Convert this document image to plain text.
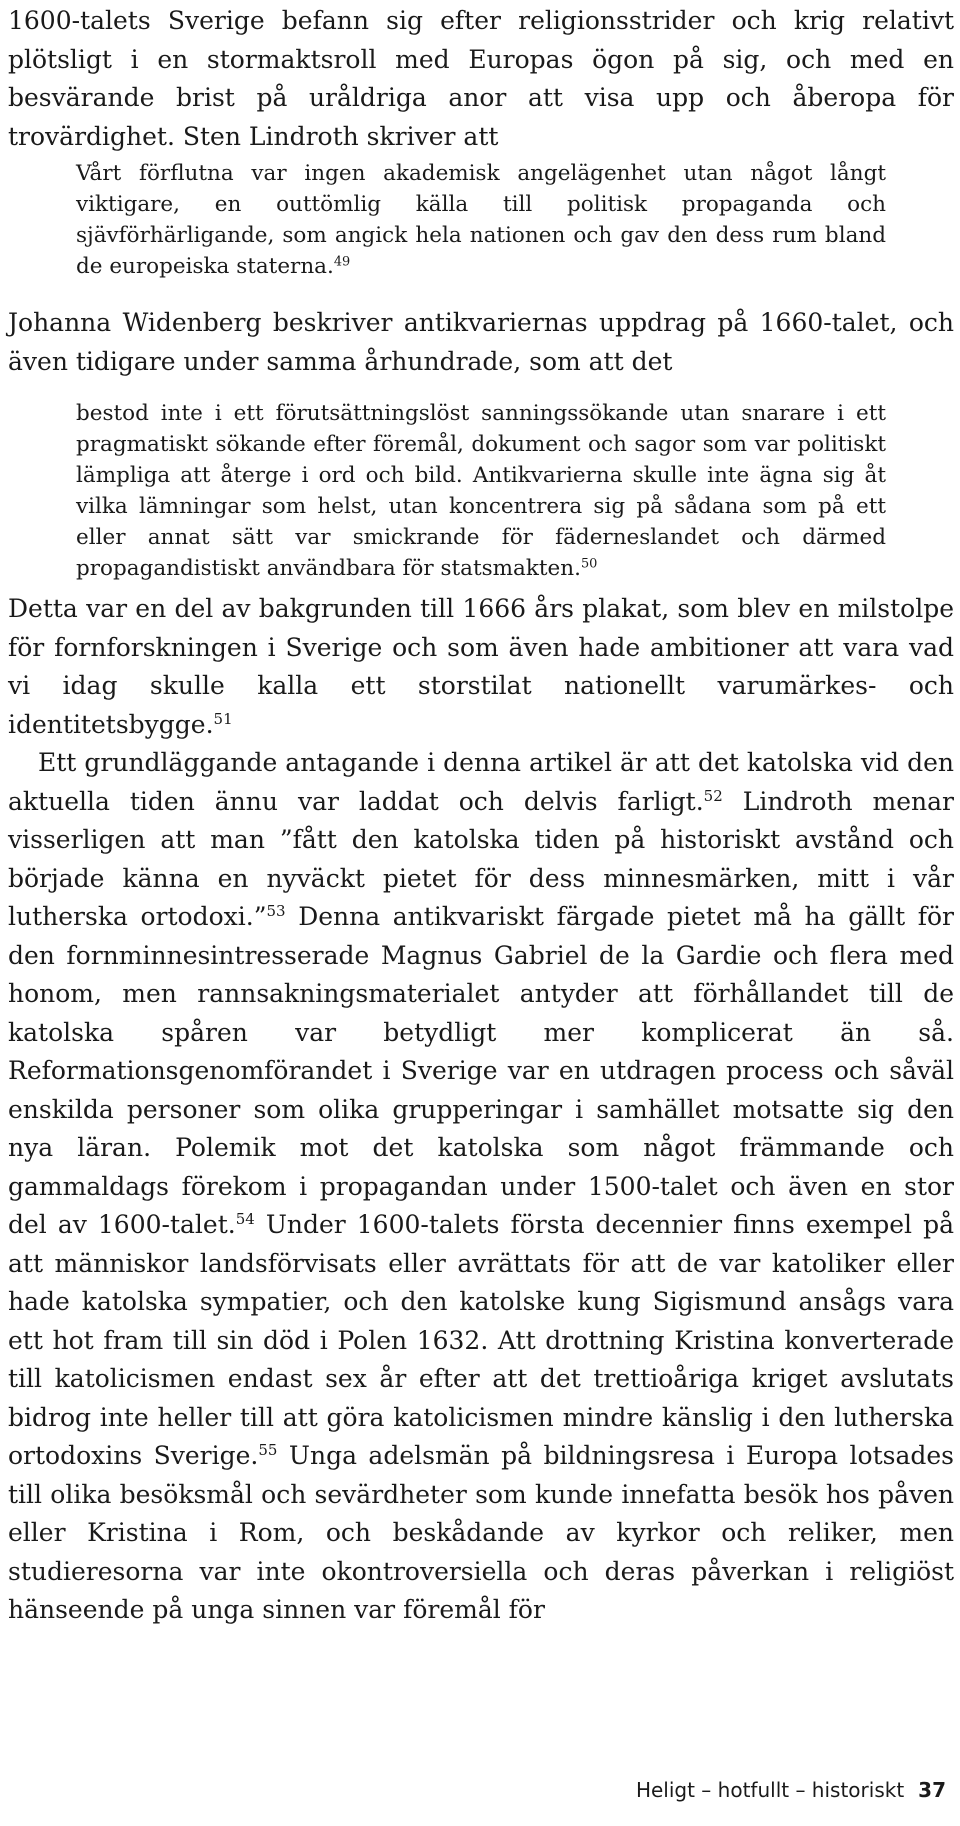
1600-talets Sverige befann sig efter religionsstrider och krig relativt plötsligt i en stormaktsroll med Europas ögon på sig, och med en besvärande brist på uråldriga anor att visa upp och åberopa för trovärdighet. Sten Lindroth skriver att

Vårt förflutna var ingen akademisk angelägenhet utan något långt viktigare, en outtömlig källa till politisk propaganda och sjävförhärligande, som angick hela nationen och gav den dess rum bland de europeiska staterna.$^{49}$

Johanna Widenberg beskriver antikvariernas uppdrag på 1660-talet, och även tidigare under samma århundrade, som att det

bestod inte i ett förutsättningslöst sanningssökande utan snarare i ett pragmatiskt sökande efter föremål, dokument och sagor som var politiskt lämpliga att återge i ord och bild. Antikvarierna skulle inte ägna sig åt vilka lämningar som helst, utan koncentrera sig på sådana som på ett eller annat sätt var smickrande för fäderneslandet och därmed propagandistiskt användbara för statsmakten.$^{50}$

Detta var en del av bakgrunden till 1666 års plakat, som blev en milstolpe för fornforskningen i Sverige och som även hade ambitioner att vara vad vi idag skulle kalla ett storstilat nationellt varumärkes- och identitetsbygge.$^{51}$

Ett grundläggande antagande i denna artikel är att det katolska vid den aktuella tiden ännu var laddat och delvis farligt.$^{52}$ Lindroth menar visserligen att man ”fått den katolska tiden på historiskt avstånd och började känna en nyväckt pietet för dess minnesmärken, mitt i vår lutherska ortodoxi.”$^{53}$ Denna antikvariskt färgade pietet må ha gällt för den fornminnesintresserade Magnus Gabriel de la Gardie och flera med honom, men rannsakningsmaterialet antyder att förhållandet till de katolska spåren var betydligt mer komplicerat än så. Reformationsgenomförandet i Sverige var en utdragen process och såväl enskilda personer som olika grupperingar i samhället motsatte sig den nya läran. Polemik mot det katolska som något främmande och gammaldags förekom i propagandan under 1500-talet och även en stor del av 1600-talet.$^{54}$ Under 1600-talets första decennier finns exempel på att människor landsförvisats eller avrättats för att de var katoliker eller hade katolska sympatier, och den katolske kung Sigismund ansågs vara ett hot fram till sin död i Polen 1632. Att drottning Kristina konverterade till katolicismen endast sex år efter att det trettioåriga kriget avslutats bidrog inte heller till att göra katolicismen mindre känslig i den lutherska ortodoxins Sverige.$^{55}$ Unga adelsmän på bildningsresa i Europa lotsades till olika besöksmål och sevärdheter som kunde innefatta besök hos påven eller Kristina i Rom, och beskådande av kyrkor och reliker, men studieresorna var inte okontroversiella och deras påverkan i religiöst hänseende på unga sinnen var föremål för

Heligt – hotfullt – historiskt 37
